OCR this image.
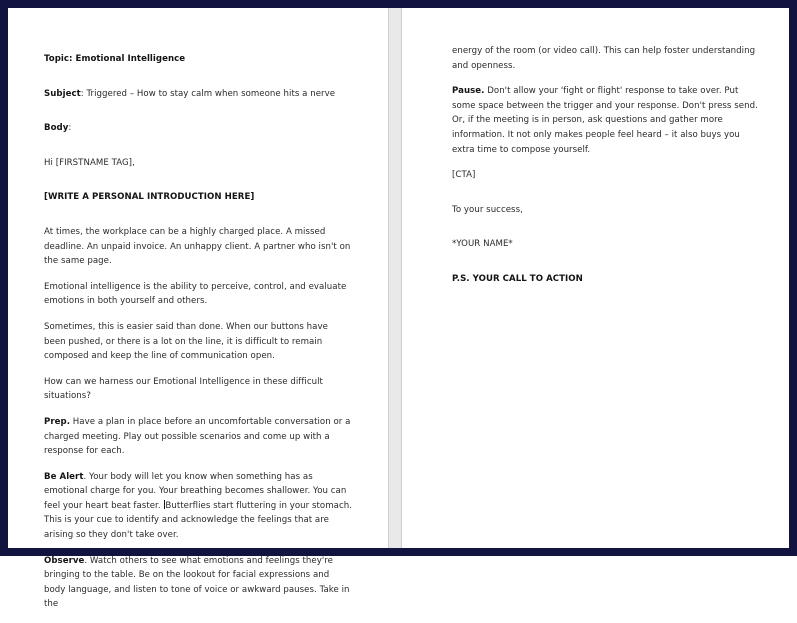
Topic: Emotional Intelligence

Subject: Triggered – How to stay calm when someone hits a nerve

Body:

Hi [FIRSTNAME TAG],

[WRITE A PERSONAL INTRODUCTION HERE]

At times, the workplace can be a highly charged place. A missed deadline. An unpaid invoice. An unhappy client. A partner who isn't on the same page.

Emotional intelligence is the ability to perceive, control, and evaluate emotions in both yourself and others.

Sometimes, this is easier said than done. When our buttons have been pushed, or there is a lot on the line, it is difficult to remain composed and keep the line of communication open.

How can we harness our Emotional Intelligence in these difficult situations?

Prep. Have a plan in place before an uncomfortable conversation or a charged meeting. Play out possible scenarios and come up with a response for each.

Be Alert. Your body will let you know when something has as emotional charge for you. Your breathing becomes shallower. You can feel your heart beat faster. Butterflies start fluttering in your stomach. This is your cue to identify and acknowledge the feelings that are arising so they don't take over.

Observe. Watch others to see what emotions and feelings they're bringing to the table. Be on the lookout for facial expressions and body language, and listen to tone of voice or awkward pauses. Take in the

energy of the room (or video call). This can help foster understanding and openness.

Pause. Don't allow your 'fight or flight' response to take over. Put some space between the trigger and your response. Don't press send. Or, if the meeting is in person, ask questions and gather more information. It not only makes people feel heard – it also buys you extra time to compose yourself.

[CTA]

To your success,

*YOUR NAME*

P.S. YOUR CALL TO ACTION
